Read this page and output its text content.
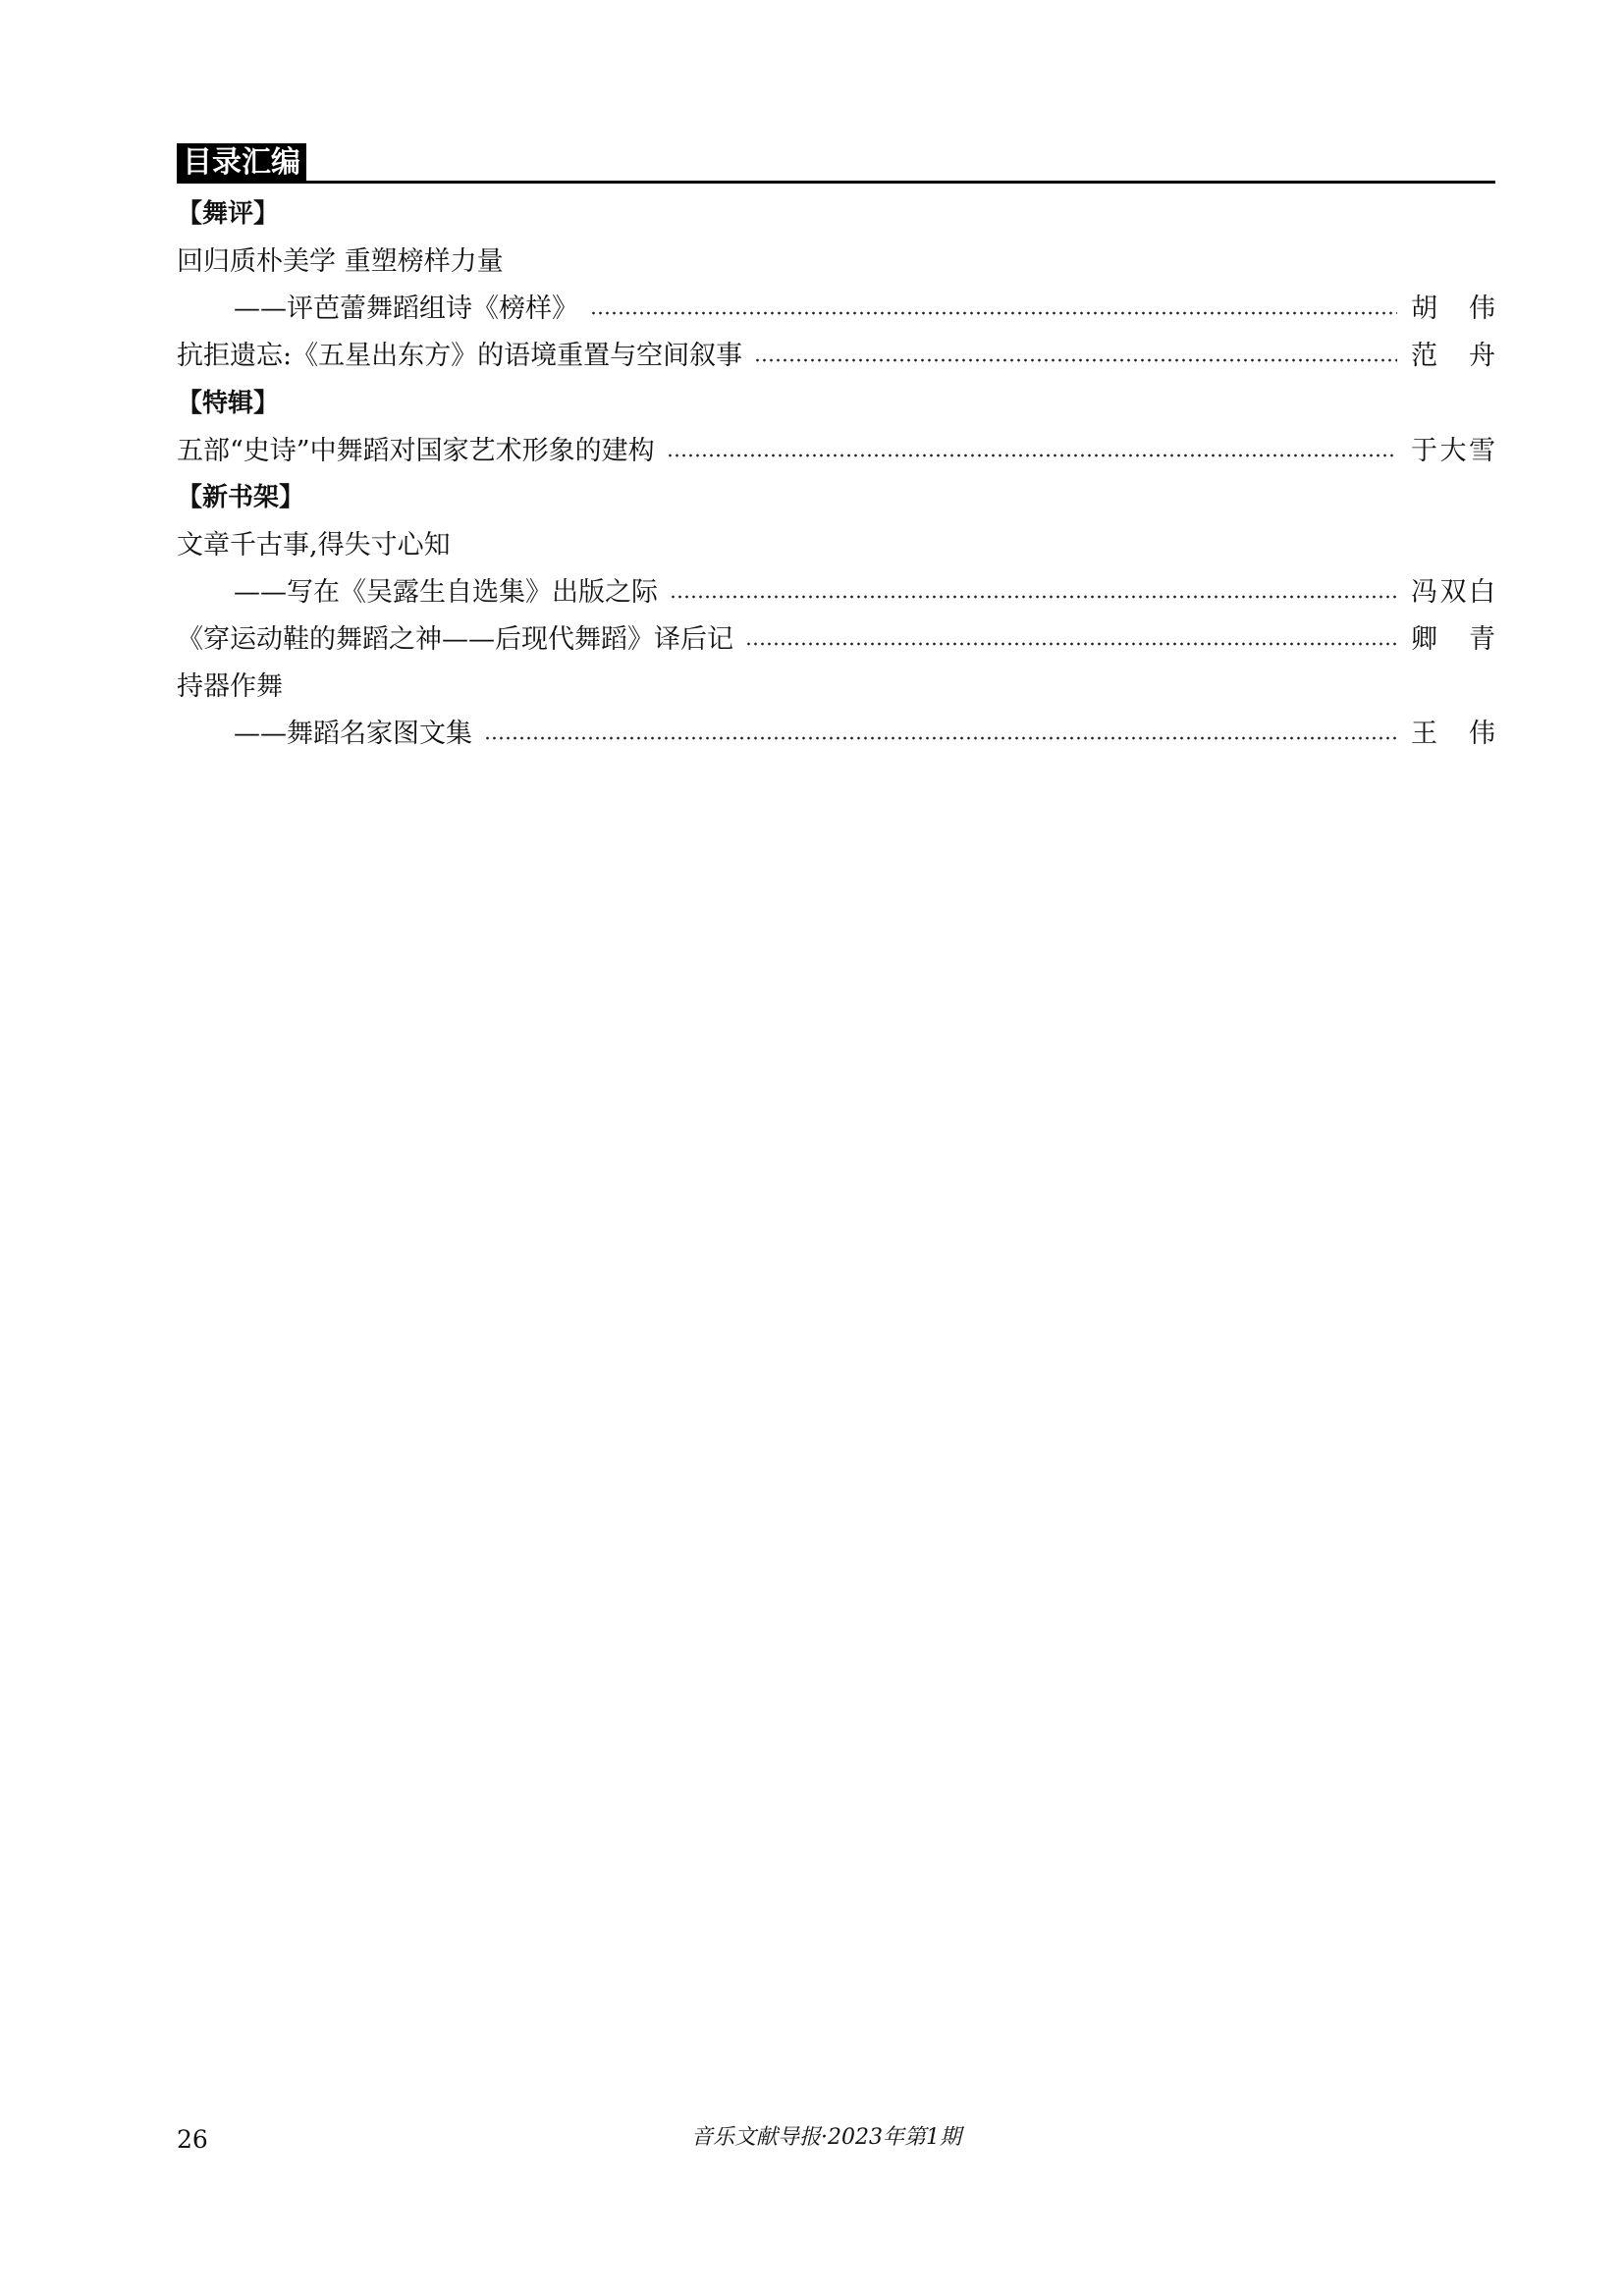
目录汇编
【舞评】
回归质朴美学 重塑榜样力量
——评芭蕾舞蹈组诗《榜样》	胡 伟
抗拒遗忘:《五星出东方》的语境重置与空间叙事	范 舟
【特辑】
五部“史诗”中舞蹈对国家艺术形象的建构	于大雪
【新书架】
文章千古事,得失寸心知
——写在《吴露生自选集》出版之际	冯双白
《穿运动鞋的舞蹈之神——后现代舞蹈》译后记	卿 青
持器作舞
——舞蹈名家图文集	王 伟
26	音乐文献导报·2023年第1期
